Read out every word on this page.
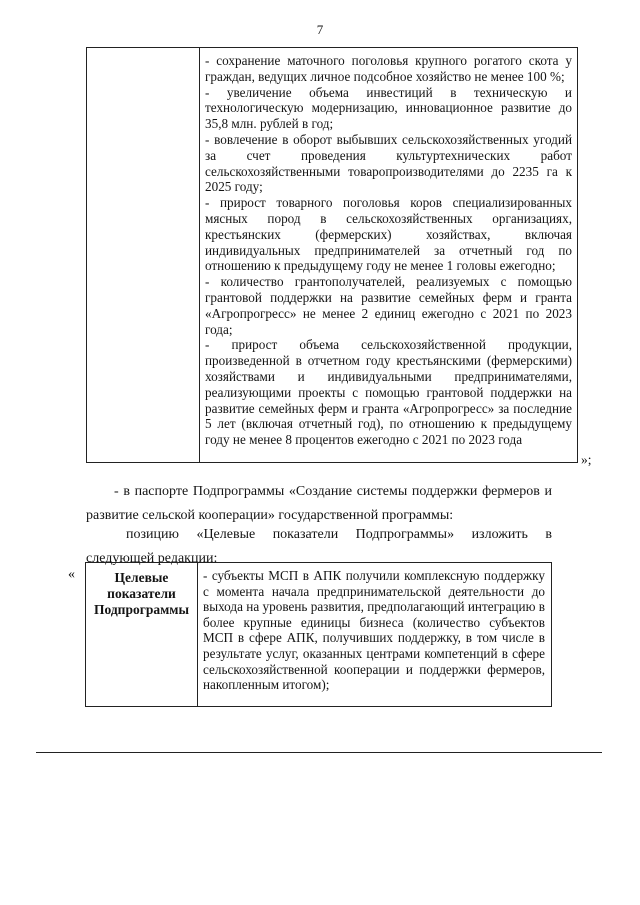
7

- сохранение маточного поголовья крупного рогатого скота у граждан, ведущих личное подсобное хозяйство не менее 100 %;

- увеличение объема инвестиций в техническую и технологическую модернизацию, инновационное развитие до 35,8 млн. рублей в год;

- вовлечение в оборот выбывших сельскохозяйственных угодий за счет проведения культуртехнических работ сельскохозяйственными товаропроизводителями до 2235 га к 2025 году;

- прирост товарного поголовья коров специализированных мясных пород в сельскохозяйственных организациях, крестьянских (фермерских) хозяйствах, включая индивидуальных предпринимателей за отчетный год по отношению к предыдущему году не менее 1 головы ежегодно;

- количество грантополучателей, реализуемых с помощью грантовой поддержки на развитие семейных ферм и гранта «Агропрогресс» не менее 2 единиц ежегодно с 2021 по 2023 года;

- прирост объема сельскохозяйственной продукции, произведенной в отчетном году крестьянскими (фермерскими) хозяйствами и индивидуальными предпринимателями, реализующими проекты с помощью грантовой поддержки на развитие семейных ферм и гранта «Агропрогресс» за последние 5 лет (включая отчетный год), по отношению к предыдущему году не менее 8 процентов ежегодно с 2021 по 2023 года

»;
- в паспорте Подпрограммы «Создание системы поддержки фермеров и развитие сельской кооперации» государственной программы:
позицию «Целевые показатели Подпрограммы» изложить в следующей редакции:
«	Целевые показатели Подпрограммы
- субъекты МСП в АПК получили комплексную поддержку с момента начала предпринимательской деятельности до выхода на уровень развития, предполагающий интеграцию в более крупные единицы бизнеса (количество субъектов МСП в сфере АПК, получивших поддержку, в том числе в результате услуг, оказанных центрами компетенций в сфере сельскохозяйственной кооперации и поддержки фермеров, накопленным итогом);
